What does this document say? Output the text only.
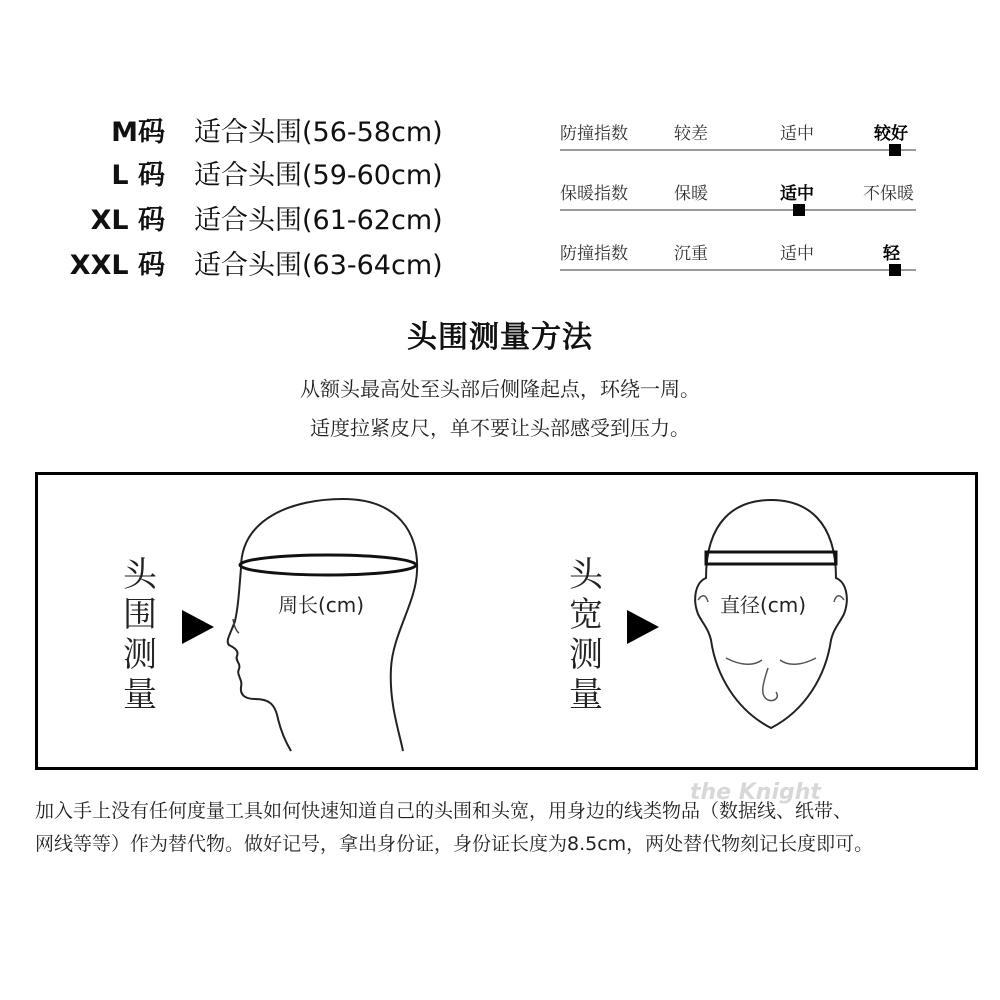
M码 适合头围(56-58cm)
L 码 适合头围(59-60cm)
XL 码 适合头围(61-62cm)
XXL 码 适合头围(63-64cm)
防撞指数	较差	适中	较好
保暖指数	保暖	适中	不保暖
防撞指数	沉重	适中	轻
头围测量方法
从额头最高处至头部后侧隆起点，环绕一周。
适度拉紧皮尺，单不要让头部感受到压力。
头
围
测
量
周长(cm)
头
宽
测
量
直径(cm)
加入手上没有任何度量工具如何快速知道自己的头围和头宽，用身边的线类物品（数据线、纸带、
网线等等）作为替代物。做好记号，拿出身份证，身份证长度为8.5cm，两处替代物刻记长度即可。
the Knight
